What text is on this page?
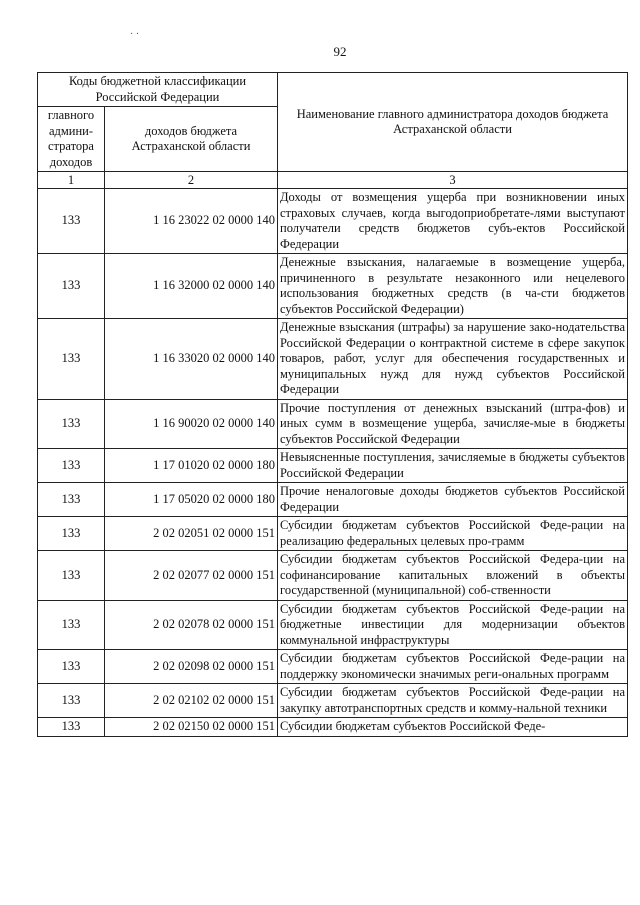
· ·
92
Коды бюджетной классификации Российской Федерации		Наименование главного администратора доходов бюджета Астраханской области
главного админи-стратора доходов	доходов бюджета Астраханской области	
1	2	3
133	1 16 23022 02 0000 140	Доходы от возмещения ущерба при возникновении иных страховых случаев, когда выгодоприобретате-лями выступают получатели средств бюджетов субъ-ектов Российской Федерации
133	1 16 32000 02 0000 140	Денежные взыскания, налагаемые в возмещение ущерба, причиненного в результате незаконного или нецелевого использования бюджетных средств (в ча-сти бюджетов субъектов Российской Федерации)
133	1 16 33020 02 0000 140	Денежные взыскания (штрафы) за нарушение зако-нодательства Российской Федерации о контрактной системе в сфере закупок товаров, работ, услуг для обеспечения государственных и муниципальных нужд для нужд субъектов Российской Федерации
133	1 16 90020 02 0000 140	Прочие поступления от денежных взысканий (штра-фов) и иных сумм в возмещение ущерба, зачисляе-мые в бюджеты субъектов Российской Федерации
133	1 17 01020 02 0000 180	Невыясненные поступления, зачисляемые в бюджеты субъектов Российской Федерации
133	1 17 05020 02 0000 180	Прочие неналоговые доходы бюджетов субъектов Российской Федерации
133	2 02 02051 02 0000 151	Субсидии бюджетам субъектов Российской Феде-рации на реализацию федеральных целевых про-грамм
133	2 02 02077 02 0000 151	Субсидии бюджетам субъектов Российской Федера-ции на софинансирование капитальных вложений в объекты государственной (муниципальной) соб-ственности
133	2 02 02078 02 0000 151	Субсидии бюджетам субъектов Российской Феде-рации на бюджетные инвестиции для модернизации объектов коммунальной инфраструктуры
133	2 02 02098 02 0000 151	Субсидии бюджетам субъектов Российской Феде-рации на поддержку экономически значимых реги-ональных программ
133	2 02 02102 02 0000 151	Субсидии бюджетам субъектов Российской Феде-рации на закупку автотранспортных средств и комму-нальной техники
133	2 02 02150 02 0000 151	Субсидии бюджетам субъектов Российской Феде-
